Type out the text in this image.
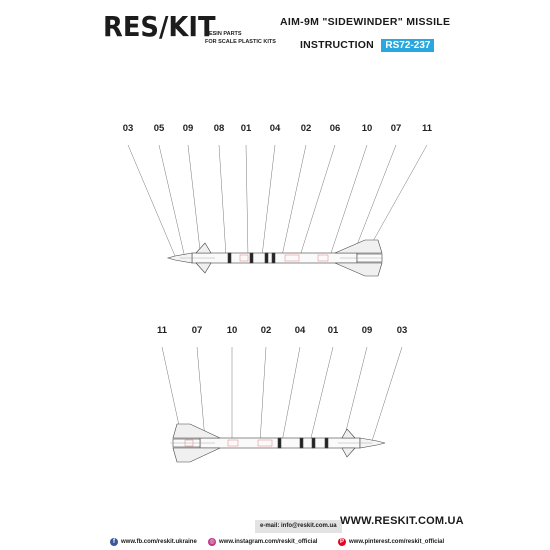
RES/KIT
RESIN PARTS
FOR SCALE PLASTIC KITS
AIM-9M "SIDEWINDER" MISSILE
INSTRUCTION RS72-237
03 05 09 08 01 04 02 06 10 07 11
11	07	10 02 04 01 09	03
e-mail: info@reskit.com.ua WWW.RESKIT.COM.UA
f	www.fb.com/reskit.ukraine ◎ www.instagram.com/reskit_official	P www.pinterest.com/reskit_official
